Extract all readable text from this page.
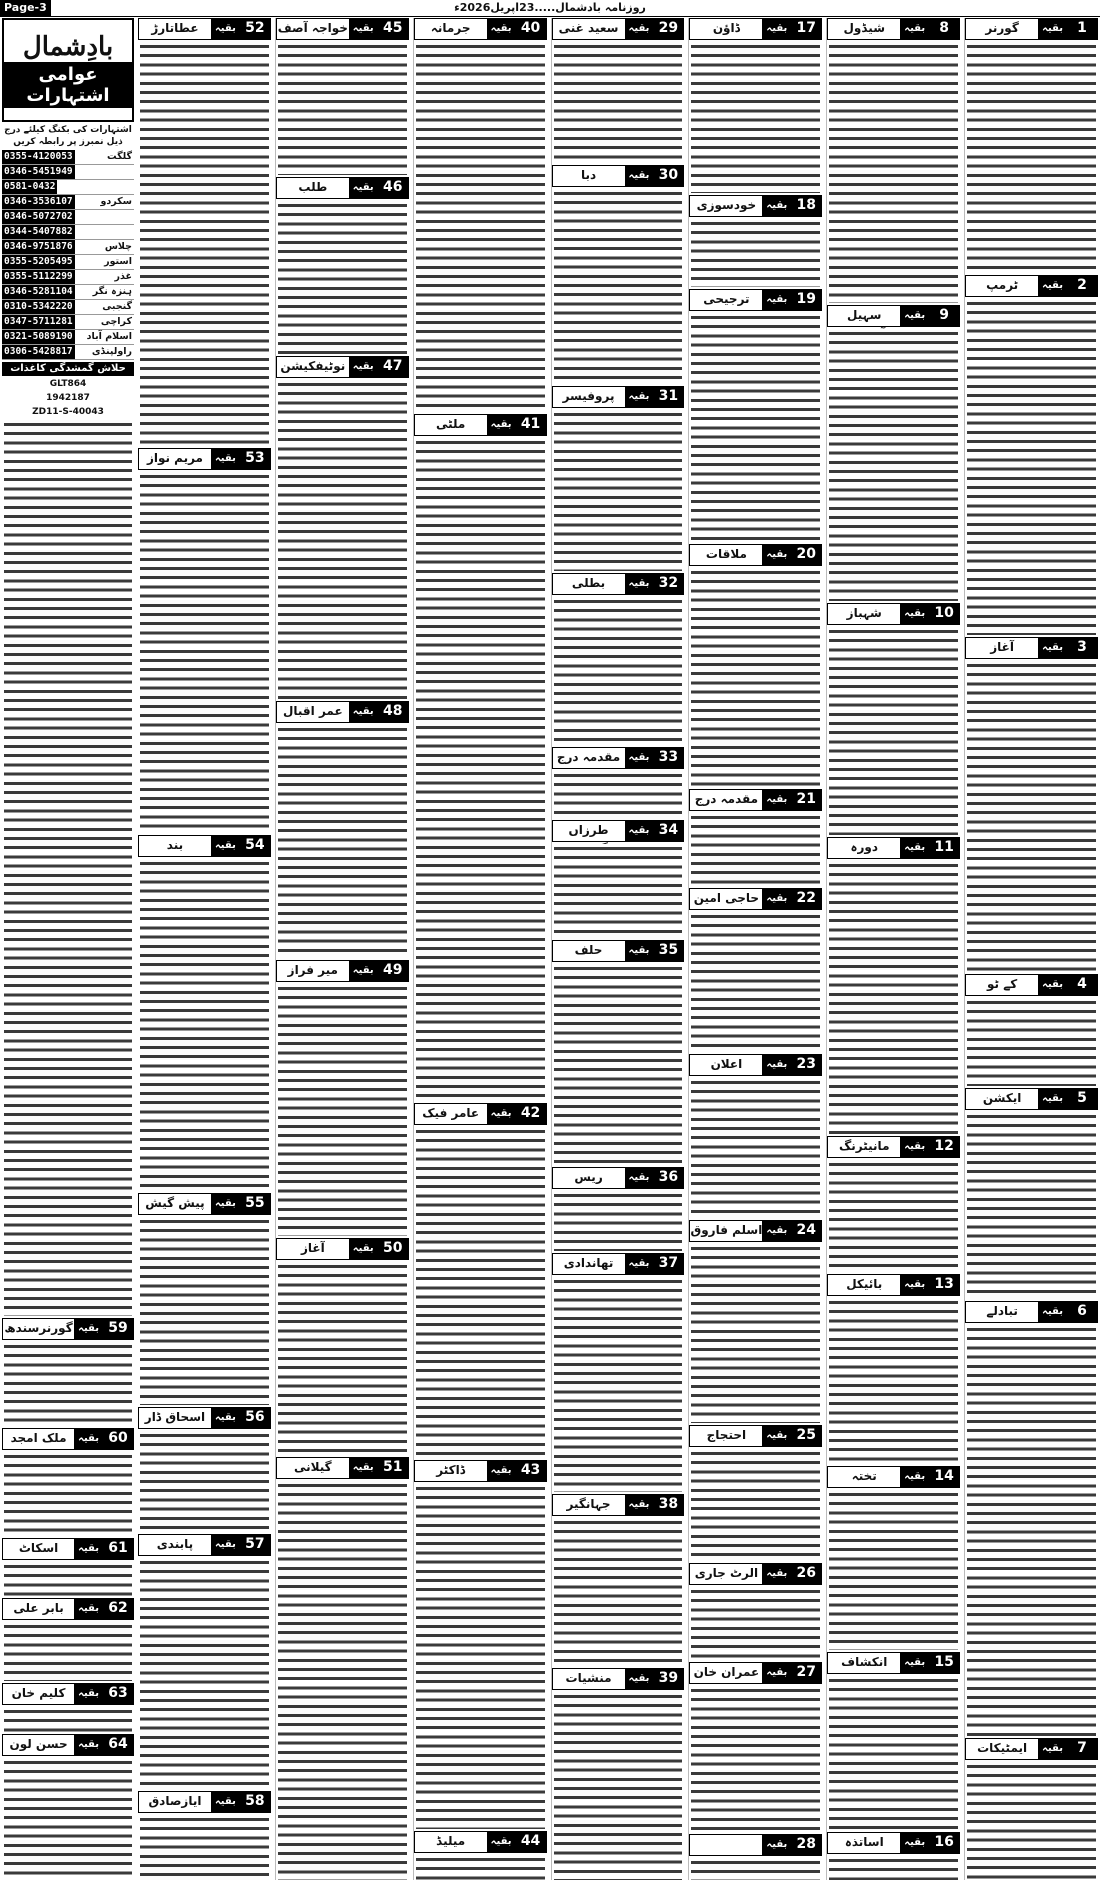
Page-3	روزنامہ بادشمال.....23اپریل2026ء
بادِشمال
عوامی اشتہارات
اشتہارات کی بکنگ کیلئے درج ذیل نمبرز پر رابطہ کریں
0355-4120053	گلگت
0346-5451949
0581-0432
0346-3536107	سکردو
0346-5072702
0344-5407882
0346-9751876	چلاس
0355-5205495	استور
0355-5112299	غذر
0346-5281104 ہنزہ نگر
0310-5342220	گنجبی
0347-5711281	کراچی
0321-5089190 اسلام آباد
0306-5428817 راولپنڈی
حلاش گمشدگی کاغذات
GLT864
1942187
ZD11-S-40043
59
بقیہ
گورنرسندھ
60
بقیہ
ملک امجد
61
بقیہ
اسکاٹ
62
بقیہ
بابر علی
63
بقیہ
کلیم خان
64
بقیہ
حسن لون
1
بقیہ
گورنر
2
بقیہ
ٹرمپ
3
بقیہ
آغاز
4
بقیہ
کے ٹو
5
بقیہ
ایکشن
6
بقیہ
تبادلے
7
بقیہ
ایمٹیکات
8
بقیہ
شیڈول
9
بقیہ
سہیل
10
بقیہ
شہباز
11
بقیہ
دورہ
12
بقیہ
مانیٹرنگ
13
بقیہ
بائیکل
14
بقیہ
تختہ
15
بقیہ
انکشاف
16
بقیہ
اساتذہ
17
بقیہ
ڈاؤن
18
بقیہ
خودسوزی
19
بقیہ
ترجیحی
20
بقیہ
ملاقات
21
بقیہ
مقدمہ درج
22
بقیہ
حاجی امین
23
بقیہ
اعلان
24
بقیہ
اسلم فاروق
25
بقیہ
احتجاج
26
بقیہ
الرٹ جاری
27
بقیہ
عمران خان
28
بقیہ
29
بقیہ
سعید غنی
30
بقیہ
دبا
31
بقیہ
پروفیسر
32
بقیہ
بطلی
33
بقیہ
مقدمہ درج
34
بقیہ
طرزاں
35
بقیہ
حلف
36
بقیہ
ریس
37
بقیہ
تھاندادی
38
بقیہ
جہانگیر
39
بقیہ
منشیات
40
بقیہ
جرمانہ
41
بقیہ
ملٹی
42
بقیہ
عامر فیک
43
بقیہ
ڈاکٹر
44
بقیہ
میلیڈ
45
بقیہ
خواجہ آصف
46
بقیہ
طلب
47
بقیہ
نوٹیفکیشن
48
بقیہ
عمر اقبال
49
بقیہ
میر فراز
50
بقیہ
آغاز
51
بقیہ
گیلانی
52
بقیہ
عطاتارڑ
53
بقیہ
مریم نواز
54
بقیہ
بند
55
بقیہ
پیش گیش
56
بقیہ
اسحاق ڈار
57
بقیہ
پابندی
58
بقیہ
ایازصادق
